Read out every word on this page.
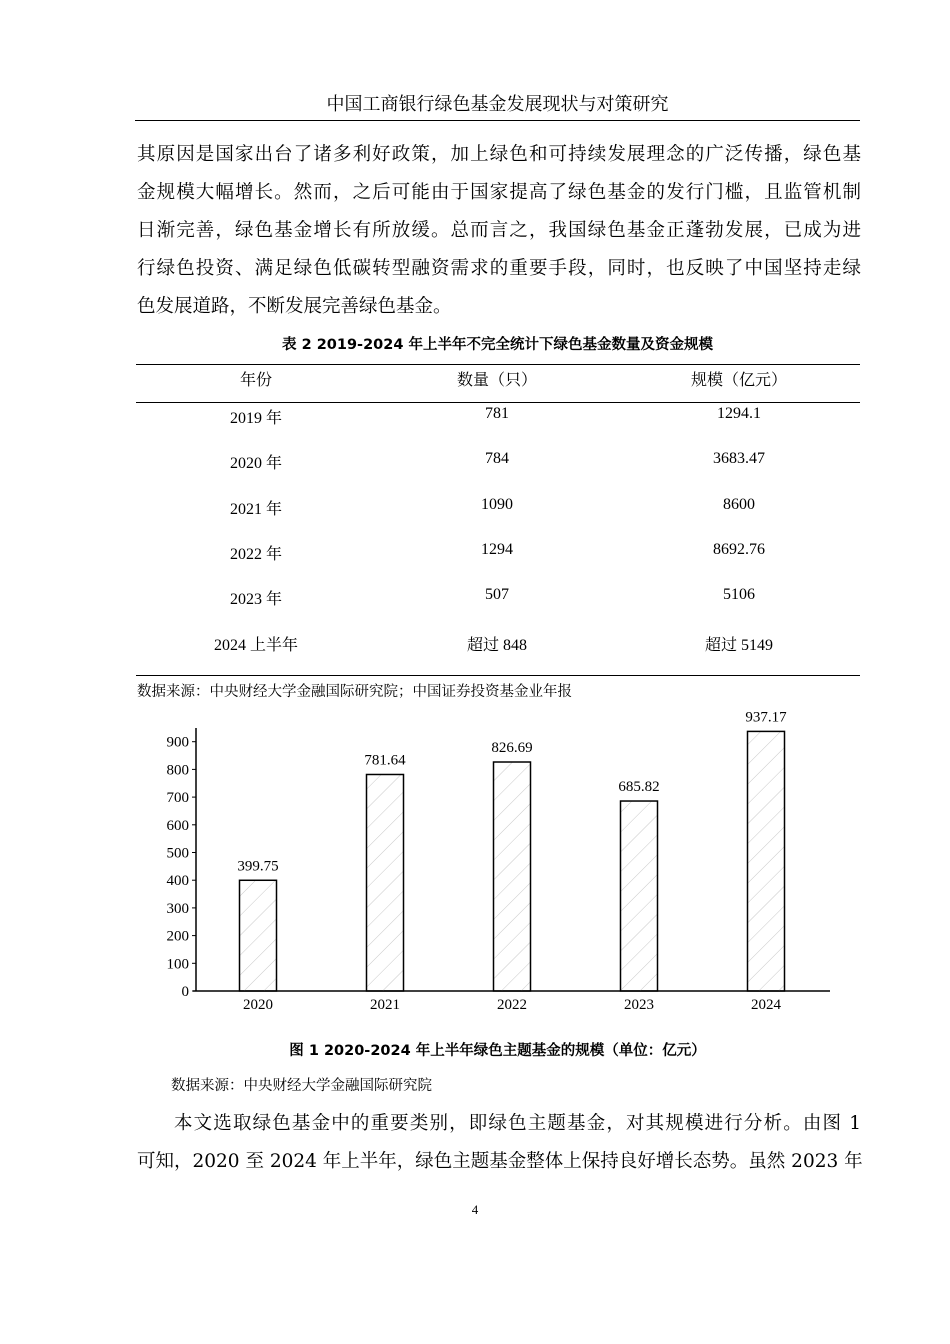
中国工商银行绿色基金发展现状与对策研究
其原因是国家出台了诸多利好政策，加上绿色和可持续发展理念的广泛传播，绿色基
金规模大幅增长。然而，之后可能由于国家提高了绿色基金的发行门槛，且监管机制
日渐完善，绿色基金增长有所放缓。总而言之，我国绿色基金正蓬勃发展，已成为进
行绿色投资、满足绿色低碳转型融资需求的重要手段，同时，也反映了中国坚持走绿
色发展道路，不断发展完善绿色基金。
表 2 2019-2024 年上半年不完全统计下绿色基金数量及资金规模
年份	数量（只）	规模（亿元）
2019 年	781	1294.1
2020 年	784	3683.47
2021 年	1090	8600
2022 年	1294	8692.76
2023 年	507	5106
2024 上半年	超过 848	超过 5149
数据来源：中央财经大学金融国际研究院；中国证券投资基金业年报
0
100
200
300
400
500
600
700
800
900
399.75
2020
781.64
2021
826.69
2022
685.82
2023
937.17
2024
图 1 2020-2024 年上半年绿色主题基金的规模（单位：亿元）
数据来源：中央财经大学金融国际研究院
本文选取绿色基金中的重要类别，即绿色主题基金，对其规模进行分析。由图 1
可知，2020 至 2024 年上半年，绿色主题基金整体上保持良好增长态势。虽然 2023 年
4
